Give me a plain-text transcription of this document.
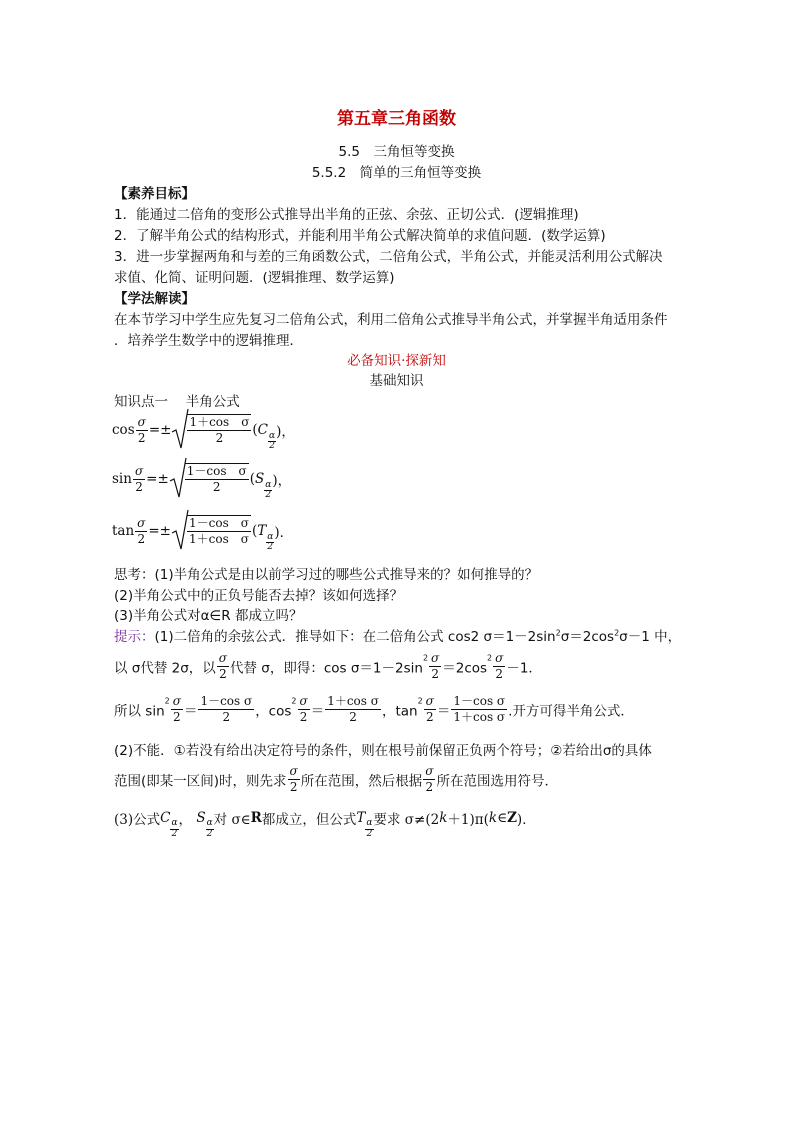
第五章三角函数
5.5　三角恒等变换
5.5.2　简单的三角恒等变换
【素养目标】
1．能通过二倍角的变形公式推导出半角的正弦、余弦、正切公式．(逻辑推理)
2．了解半角公式的结构形式，并能利用半角公式解决简单的求值问题．(数学运算)
3．进一步掌握两角和与差的三角函数公式，二倍角公式，半角公式，并能灵活利用公式解决
求值、化简、证明问题．(逻辑推理、数学运算)
【学法解读】
在本节学习中学生应先复习二倍角公式，利用二倍角公式推导半角公式，并掌握半角适用条件
．培养学生数学中的逻辑推理．
必备知识·探新知
基础知识
知识点一　 半角公式
$\cos \frac{\sigma}{2} =\pm \frac{\text{1＋cos　σ}}{2} (C$
$\frac{\alpha}{2}$ )，
$\sin \frac{\sigma}{2} =\pm \frac{\text{1－cos　σ}}{2} (S$
$\frac{\alpha}{2}$ )，
$\tan \frac{\sigma}{2} =\pm \frac{\text{1－cos　σ}}{\text{1＋cos　σ}} (T$
$\frac{\alpha}{2}$ )．
思考：(1)半角公式是由以前学习过的哪些公式推导来的？如何推导的？
(2)半角公式中的正负号能否去掉？该如何选择？
(3)半角公式对α∈R 都成立吗？
提示：(1)二倍角的余弦公式．推导如下：在二倍角公式 cos2 $\sigma=1-2\sin^2\sigma=2\cos^2\sigma-1$ 中，
以 σ代替 2σ，以 $\frac{\sigma}{2}$ 代替 σ，即得：$\cos \sigma=1-2\sin^2 \frac{\sigma}{2} =2\cos^2 \frac{\sigma}{2} -1$．
所以 $\sin^2 \frac{\sigma}{2} = \frac{\text{1－cos σ}}{2}$ ，$\cos^2 \frac{\sigma}{2} = \frac{\text{1＋cos σ}}{2}$ ，$\tan^2 \frac{\sigma}{2} = \frac{\text{1－cos σ}}{\text{1＋cos σ}}$ .开方可得半角公式．
(2)不能．①若没有给出决定符号的条件，则在根号前保留正负两个符号；②若给出σ的具体
范围(即某一区间)时，则先求 $\frac{\sigma}{2}$ 所在范围，然后根据 $\frac{\sigma}{2}$ 所在范围选用符号．
(3)公式C
$\frac{\alpha}{2}$ ， S
$\frac{\alpha}{2}$ 对 σ∈R都成立，但公式T
$\frac{\alpha}{2}$ 要求 σ≠(2k＋1)π(k∈Z)．
